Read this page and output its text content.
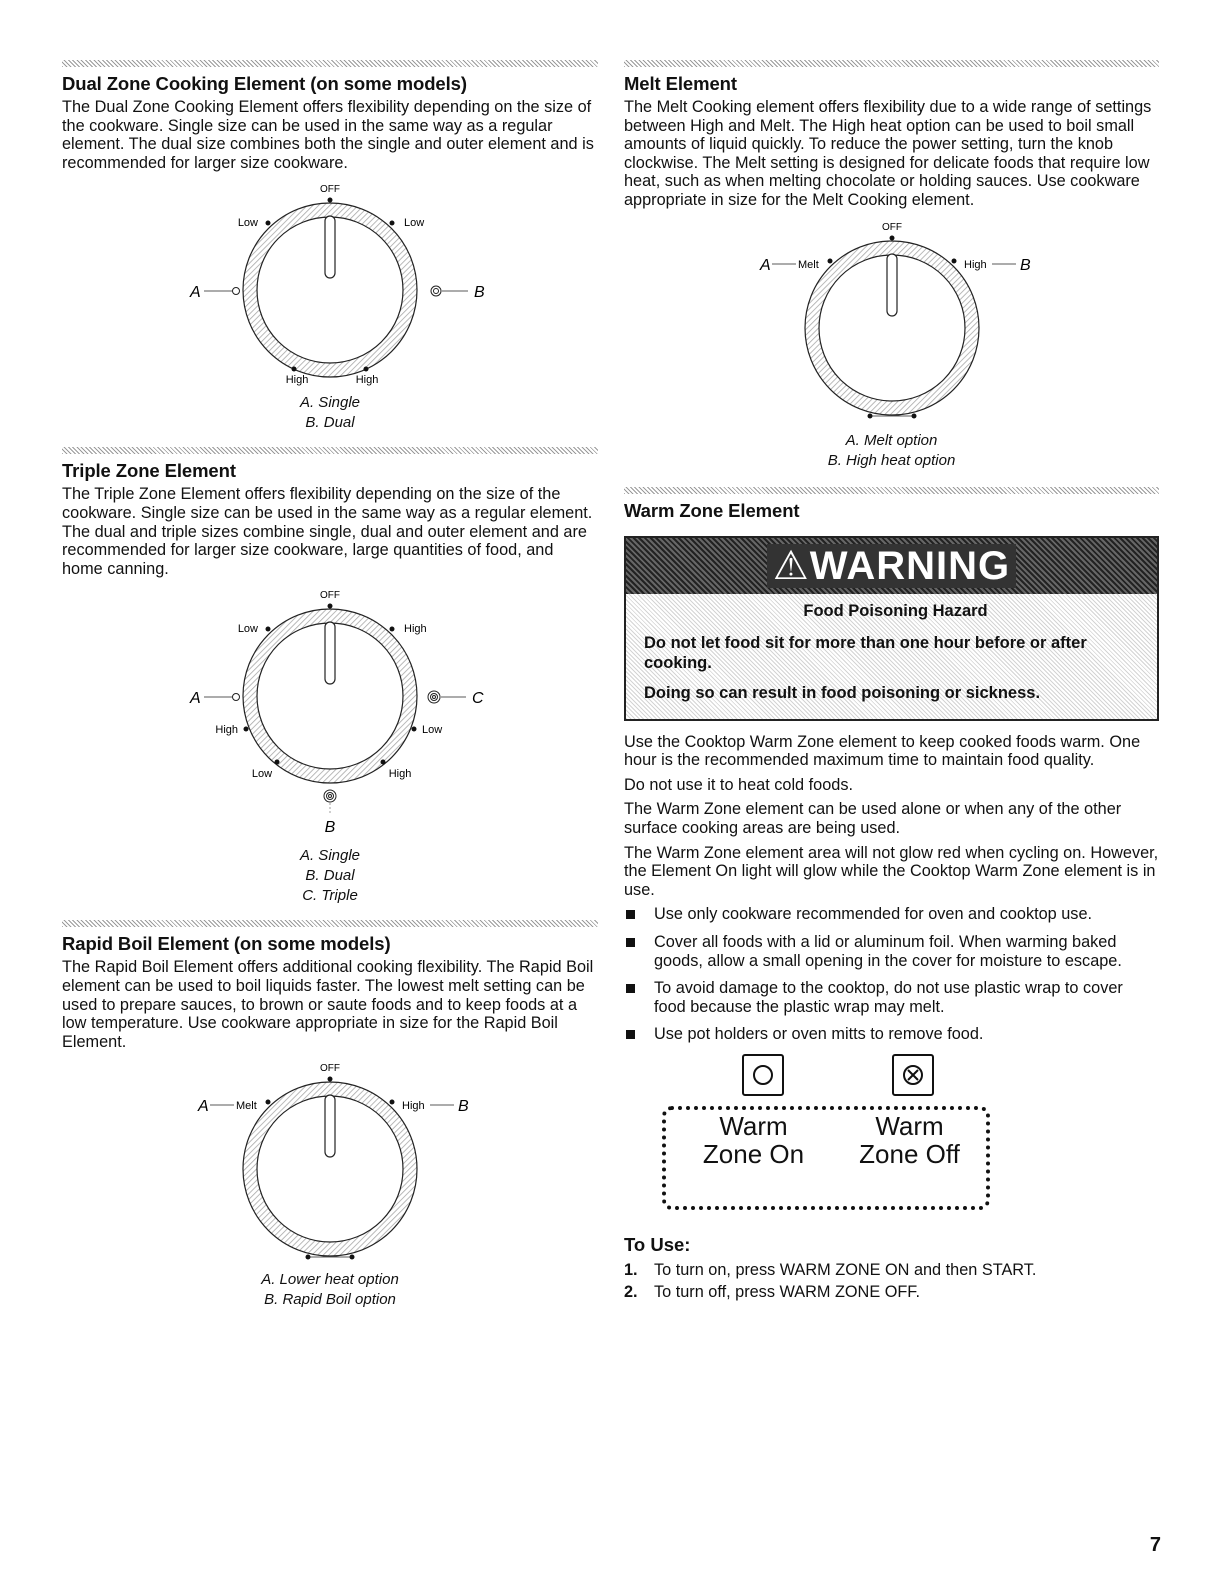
Dual Zone Cooking Element (on some models)

The Dual Zone Cooking Element offers flexibility depending on the size of the cookware. Single size can be used in the same way as a regular element. The dual size combines both the single and outer element and is recommended for larger size cookware.

OFF
Low	Low
High	High
A	B
A. Single
B. Dual
Triple Zone Element

The Triple Zone Element offers flexibility depending on the size of the cookware. Single size can be used in the same way as a regular element. The dual and triple sizes combine single, dual and outer element and are recommended for larger size cookware, large quantities of food, and home canning.

OFF
Low	High
High	Low
Low	High
A	C
B
A. Single
B. Dual
C. Triple
Rapid Boil Element (on some models)

The Rapid Boil Element offers additional cooking flexibility. The Rapid Boil element can be used to boil liquids faster. The lowest melt setting can be used to prepare sauces, to brown or saute foods and to keep foods at a low temperature. Use cookware appropriate in size for the Rapid Boil Element.

OFF
A Melt	High B
A. Lower heat option
B. Rapid Boil option
Melt Element

The Melt Cooking element offers flexibility due to a wide range of settings between High and Melt. The High heat option can be used to boil small amounts of liquid quickly. To reduce the power setting, turn the knob clockwise. The Melt setting is designed for delicate foods that require low heat, such as when melting chocolate or holding sauces. Use cookware appropriate in size for the Melt Cooking element.

OFF
A Melt	High B
A. Melt option
B. High heat option
Warm Zone Element
⚠WARNING
Food Poisoning Hazard
Do not let food sit for more than one hour before or after cooking.
Doing so can result in food poisoning or sickness.

Use the Cooktop Warm Zone element to keep cooked foods warm. One hour is the recommended maximum time to maintain food quality.

Do not use it to heat cold foods.

The Warm Zone element can be used alone or when any of the other surface cooking areas are being used.

The Warm Zone element area will not glow red when cycling on. However, the Element On light will glow while the Cooktop Warm Zone element is in use.

Use only cookware recommended for oven and cooktop use.
Cover all foods with a lid or aluminum foil. When warming baked goods, allow a small opening in the cover for moisture to escape.
To avoid damage to the cooktop, do not use plastic wrap to cover food because the plastic wrap may melt.
Use pot holders or oven mitts to remove food.
Warm
Zone On
Warm
Zone Off
To Use:
1. To turn on, press WARM ZONE ON and then START.
2. To turn off, press WARM ZONE OFF.
7
